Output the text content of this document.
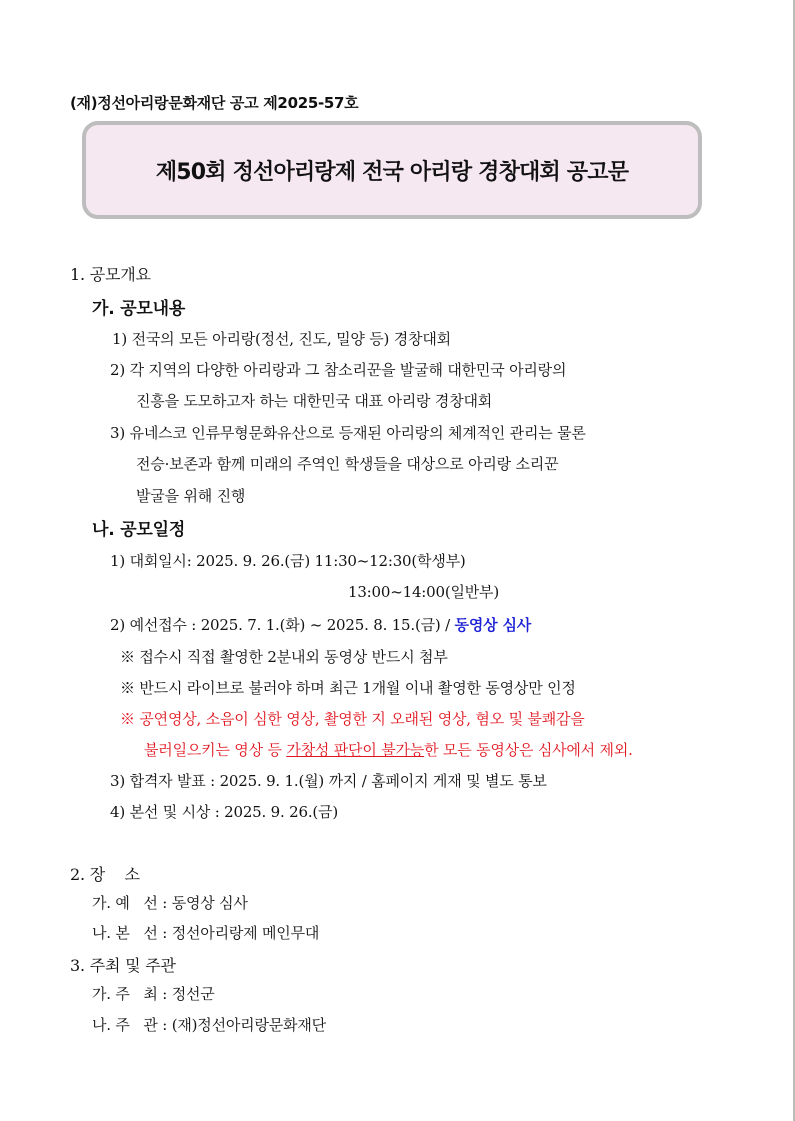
(재)정선아리랑문화재단 공고 제2025-57호
제50회 정선아리랑제 전국 아리랑 경창대회 공고문
1. 공모개요
가. 공모내용
1) 전국의 모든 아리랑(정선, 진도, 밀양 등) 경창대회
2) 각 지역의 다양한 아리랑과 그 참소리꾼을 발굴해 대한민국 아리랑의
진흥을 도모하고자 하는 대한민국 대표 아리랑 경창대회
3) 유네스코 인류무형문화유산으로 등재된 아리랑의 체계적인 관리는 물론
전승·보존과 함께 미래의 주역인 학생들을 대상으로 아리랑 소리꾼
발굴을 위해 진행
나. 공모일정
1) 대회일시: 2025. 9. 26.(금) 11:30~12:30(학생부)
13:00~14:00(일반부)
2) 예선접수 : 2025. 7. 1.(화) ~ 2025. 8. 15.(금) / 동영상 심사
※ 접수시 직접 촬영한 2분내외 동영상 반드시 첨부
※ 반드시 라이브로 불러야 하며 최근 1개월 이내 촬영한 동영상만 인정
※ 공연영상, 소음이 심한 영상, 촬영한 지 오래된 영상, 혐오 및 불쾌감을
불러일으키는 영상 등 가창성 판단이 불가능한 모든 동영상은 심사에서 제외.
3) 합격자 발표 : 2025. 9. 1.(월) 까지 / 홈페이지 게재 및 별도 통보
4) 본선 및 시상 : 2025. 9. 26.(금)
2. 장    소
가. 예   선 : 동영상 심사
나. 본   선 : 정선아리랑제 메인무대
3. 주최 및 주관
가. 주   최 : 정선군
나. 주   관 : (재)정선아리랑문화재단
